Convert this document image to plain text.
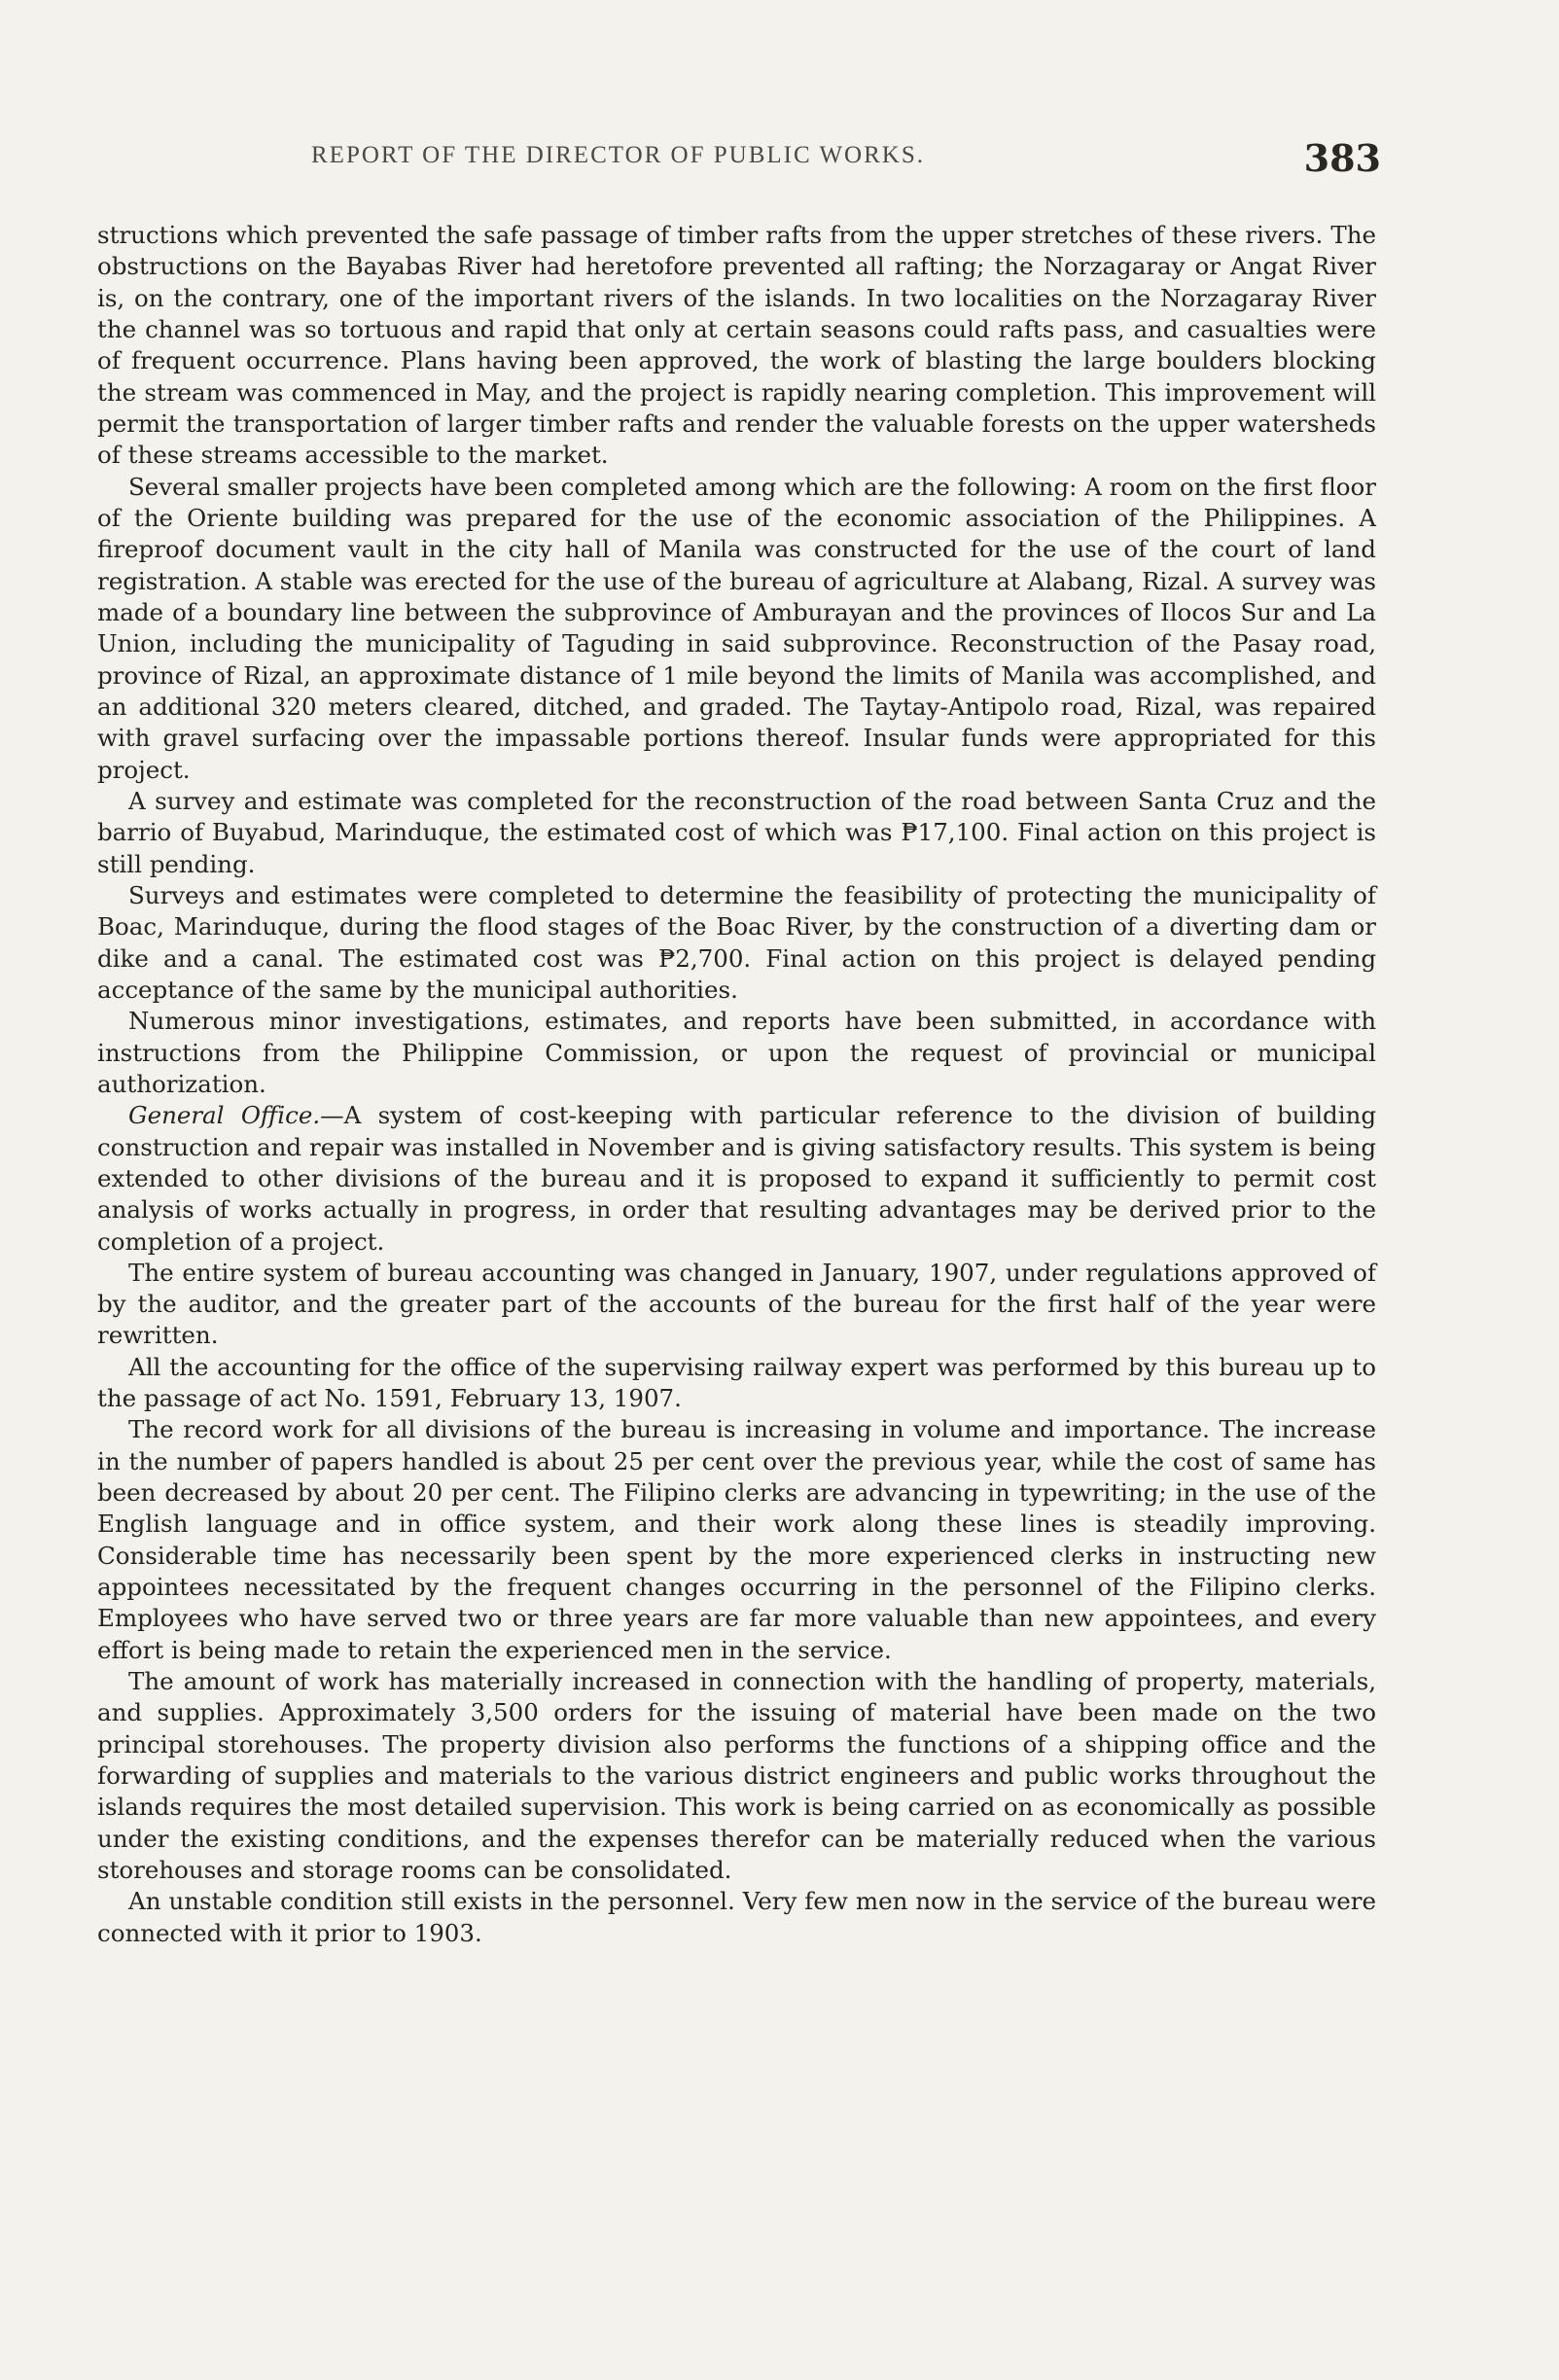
REPORT OF THE DIRECTOR OF PUBLIC WORKS.	383

structions which prevented the safe passage of timber rafts from the upper stretches of these rivers. The obstructions on the Bayabas River had heretofore prevented all rafting; the Norzagaray or Angat River is, on the contrary, one of the important rivers of the islands. In two localities on the Norzagaray River the channel was so tortuous and rapid that only at certain seasons could rafts pass, and casualties were of frequent occurrence. Plans having been approved, the work of blasting the large boulders blocking the stream was commenced in May, and the project is rapidly nearing completion. This improvement will permit the transportation of larger timber rafts and render the valuable forests on the upper watersheds of these streams accessible to the market.

Several smaller projects have been completed among which are the following: A room on the first floor of the Oriente building was prepared for the use of the economic association of the Philippines. A fireproof document vault in the city hall of Manila was constructed for the use of the court of land registration. A stable was erected for the use of the bureau of agriculture at Alabang, Rizal. A survey was made of a boundary line between the subprovince of Amburayan and the provinces of Ilocos Sur and La Union, including the municipality of Taguding in said subprovince. Reconstruction of the Pasay road, province of Rizal, an approximate distance of 1 mile beyond the limits of Manila was accomplished, and an additional 320 meters cleared, ditched, and graded. The Taytay-Antipolo road, Rizal, was repaired with gravel surfacing over the impassable portions thereof. Insular funds were appropriated for this project.

A survey and estimate was completed for the reconstruction of the road between Santa Cruz and the barrio of Buyabud, Marinduque, the estimated cost of which was ₱17,100. Final action on this project is still pending.

Surveys and estimates were completed to determine the feasibility of protecting the municipality of Boac, Marinduque, during the flood stages of the Boac River, by the construction of a diverting dam or dike and a canal. The estimated cost was ₱2,700. Final action on this project is delayed pending acceptance of the same by the municipal authorities.

Numerous minor investigations, estimates, and reports have been submitted, in accordance with instructions from the Philippine Commission, or upon the request of provincial or municipal authorization.

General Office.—A system of cost-keeping with particular reference to the division of building construction and repair was installed in November and is giving satisfactory results. This system is being extended to other divisions of the bureau and it is proposed to expand it sufficiently to permit cost analysis of works actually in progress, in order that resulting advantages may be derived prior to the completion of a project.

The entire system of bureau accounting was changed in January, 1907, under regulations approved of by the auditor, and the greater part of the accounts of the bureau for the first half of the year were rewritten.

All the accounting for the office of the supervising railway expert was performed by this bureau up to the passage of act No. 1591, February 13, 1907.

The record work for all divisions of the bureau is increasing in volume and importance. The increase in the number of papers handled is about 25 per cent over the previous year, while the cost of same has been decreased by about 20 per cent. The Filipino clerks are advancing in typewriting; in the use of the English language and in office system, and their work along these lines is steadily improving. Considerable time has necessarily been spent by the more experienced clerks in instructing new appointees necessitated by the frequent changes occurring in the personnel of the Filipino clerks. Employees who have served two or three years are far more valuable than new appointees, and every effort is being made to retain the experienced men in the service.

The amount of work has materially increased in connection with the handling of property, materials, and supplies. Approximately 3,500 orders for the issuing of material have been made on the two principal storehouses. The property division also performs the functions of a shipping office and the forwarding of supplies and materials to the various district engineers and public works throughout the islands requires the most detailed supervision. This work is being carried on as economically as possible under the existing conditions, and the expenses therefor can be materially reduced when the various storehouses and storage rooms can be consolidated.

An unstable condition still exists in the personnel. Very few men now in the service of the bureau were connected with it prior to 1903.
